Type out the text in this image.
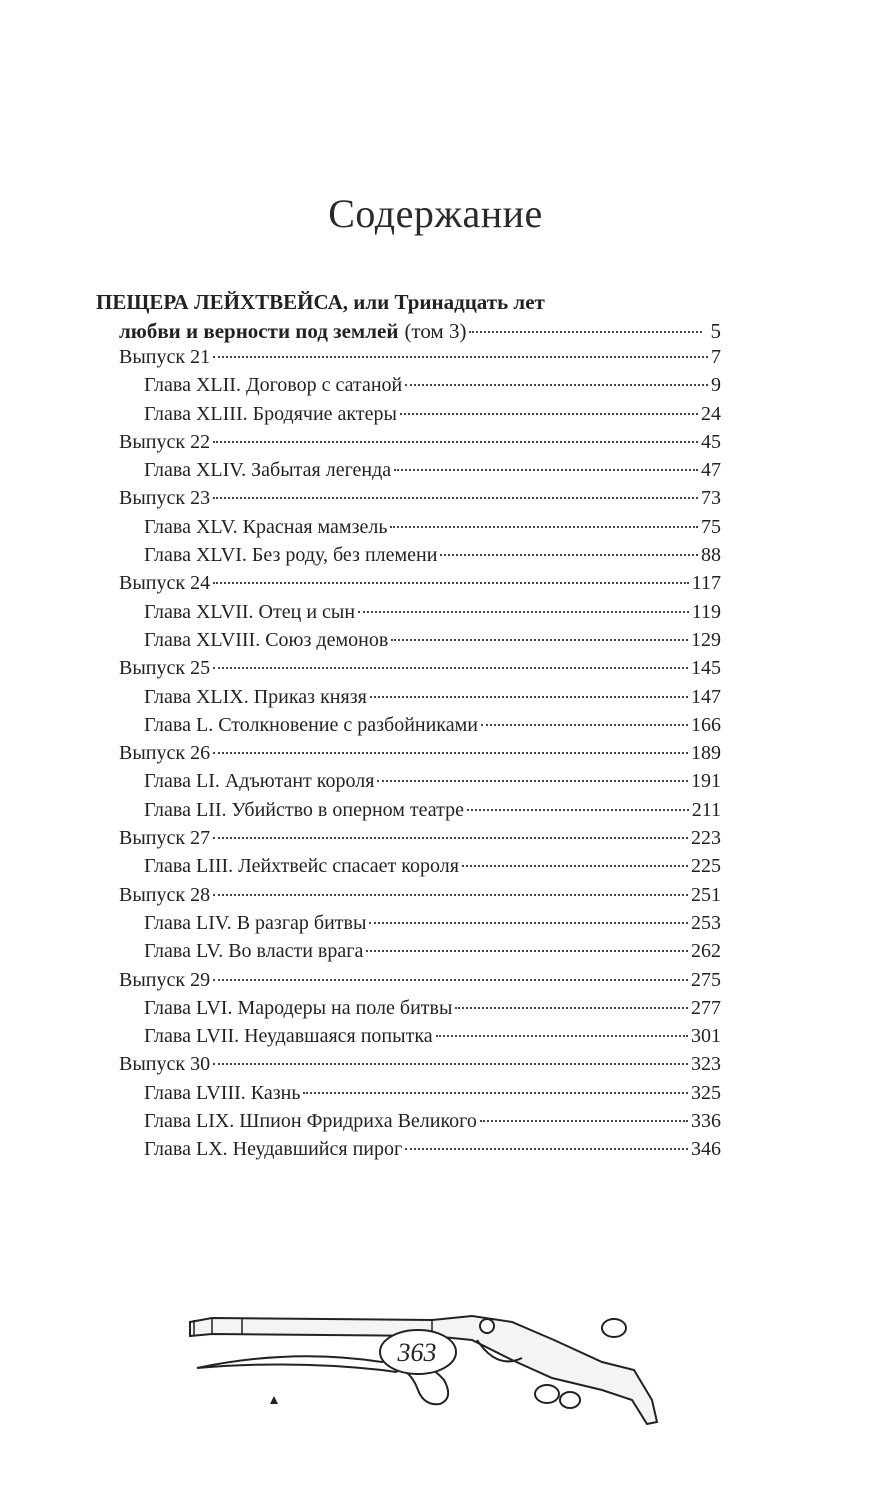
Содержание
ПЕЩЕРА ЛЕЙХТВЕЙСА, или Тринадцать лет
любви и верности под землей (том 3)	5
Выпуск 21	7
Глава XLII. Договор с сатаной	9
Глава XLIII. Бродячие актеры	24
Выпуск 22	45
Глава XLIV. Забытая легенда	47
Выпуск 23	73
Глава XLV. Красная мамзель	75
Глава XLVI. Без роду, без племени	88
Выпуск 24	117
Глава XLVII. Отец и сын	119
Глава XLVIII. Союз демонов	129
Выпуск 25	145
Глава XLIX. Приказ князя	147
Глава L. Столкновение с разбойниками	166
Выпуск 26	189
Глава LI. Адъютант короля	191
Глава LII. Убийство в оперном театре	211
Выпуск 27	223
Глава LIII. Лейхтвейс спасает короля	225
Выпуск 28	251
Глава LIV. В разгар битвы	253
Глава LV. Во власти врага	262
Выпуск 29	275
Глава LVI. Мародеры на поле битвы	277
Глава LVII. Неудавшаяся попытка	301
Выпуск 30	323
Глава LVIII. Казнь	325
Глава LIX. Шпион Фридриха Великого	336
Глава LX. Неудавшийся пирог	346
363
